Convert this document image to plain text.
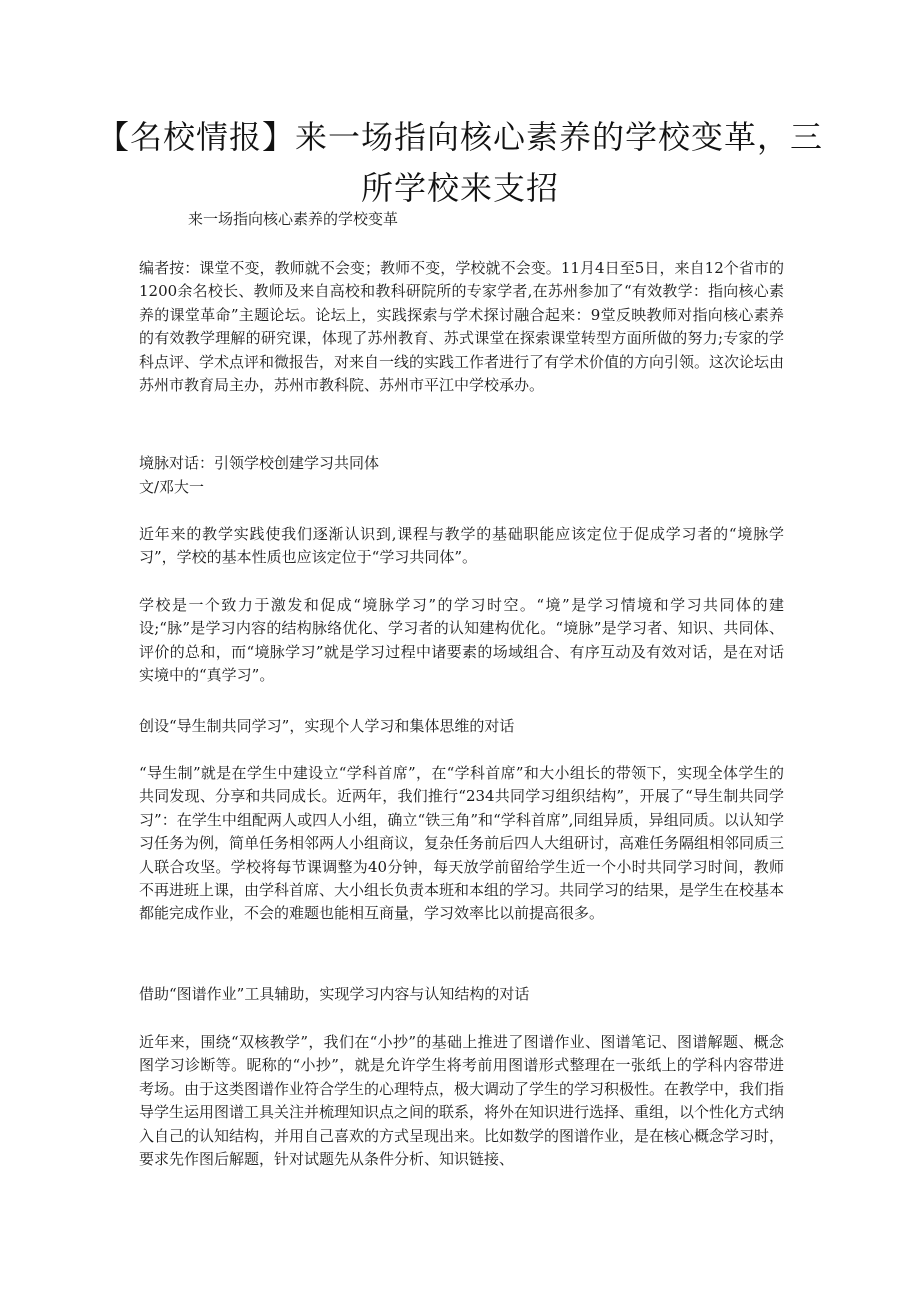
【名校情报】来一场指向核心素养的学校变革，三所学校来支招
来一场指向核心素养的学校变革

编者按：课堂不变，教师就不会变；教师不变，学校就不会变。11月4日至5日，来自12个省市的1200余名校长、教师及来自高校和教科研院所的专家学者,在苏州参加了“有效教学：指向核心素养的课堂革命”主题论坛。论坛上，实践探索与学术探讨融合起来：9堂反映教师对指向核心素养的有效教学理解的研究课，体现了苏州教育、苏式课堂在探索课堂转型方面所做的努力;专家的学科点评、学术点评和微报告，对来自一线的实践工作者进行了有学术价值的方向引领。这次论坛由苏州市教育局主办，苏州市教科院、苏州市平江中学校承办。

境脉对话：引领学校创建学习共同体
文/邓大一

近年来的教学实践使我们逐渐认识到,课程与教学的基础职能应该定位于促成学习者的“境脉学习”，学校的基本性质也应该定位于“学习共同体”。

学校是一个致力于激发和促成“境脉学习”的学习时空。“境”是学习情境和学习共同体的建设;“脉”是学习内容的结构脉络优化、学习者的认知建构优化。“境脉”是学习者、知识、共同体、评价的总和，而“境脉学习”就是学习过程中诸要素的场域组合、有序互动及有效对话，是在对话实境中的“真学习”。

创设“导生制共同学习”，实现个人学习和集体思维的对话

“导生制”就是在学生中建设立“学科首席”，在“学科首席”和大小组长的带领下，实现全体学生的共同发现、分享和共同成长。近两年，我们推行“234共同学习组织结构”，开展了“导生制共同学习”：在学生中组配两人或四人小组，确立“铁三角”和“学科首席”,同组异质，异组同质。以认知学习任务为例，简单任务相邻两人小组商议，复杂任务前后四人大组研讨，高难任务隔组相邻同质三人联合攻坚。学校将每节课调整为40分钟，每天放学前留给学生近一个小时共同学习时间，教师不再进班上课，由学科首席、大小组长负责本班和本组的学习。共同学习的结果，是学生在校基本都能完成作业，不会的难题也能相互商量，学习效率比以前提高很多。

借助“图谱作业”工具辅助，实现学习内容与认知结构的对话

近年来，围绕“双核教学”，我们在“小抄”的基础上推进了图谱作业、图谱笔记、图谱解题、概念图学习诊断等。昵称的“小抄”，就是允许学生将考前用图谱形式整理在一张纸上的学科内容带进考场。由于这类图谱作业符合学生的心理特点，极大调动了学生的学习积极性。在教学中，我们指导学生运用图谱工具关注并梳理知识点之间的联系，将外在知识进行选择、重组，以个性化方式纳入自己的认知结构，并用自己喜欢的方式呈现出来。比如数学的图谱作业，是在核心概念学习时，要求先作图后解题，针对试题先从条件分析、知识链接、
